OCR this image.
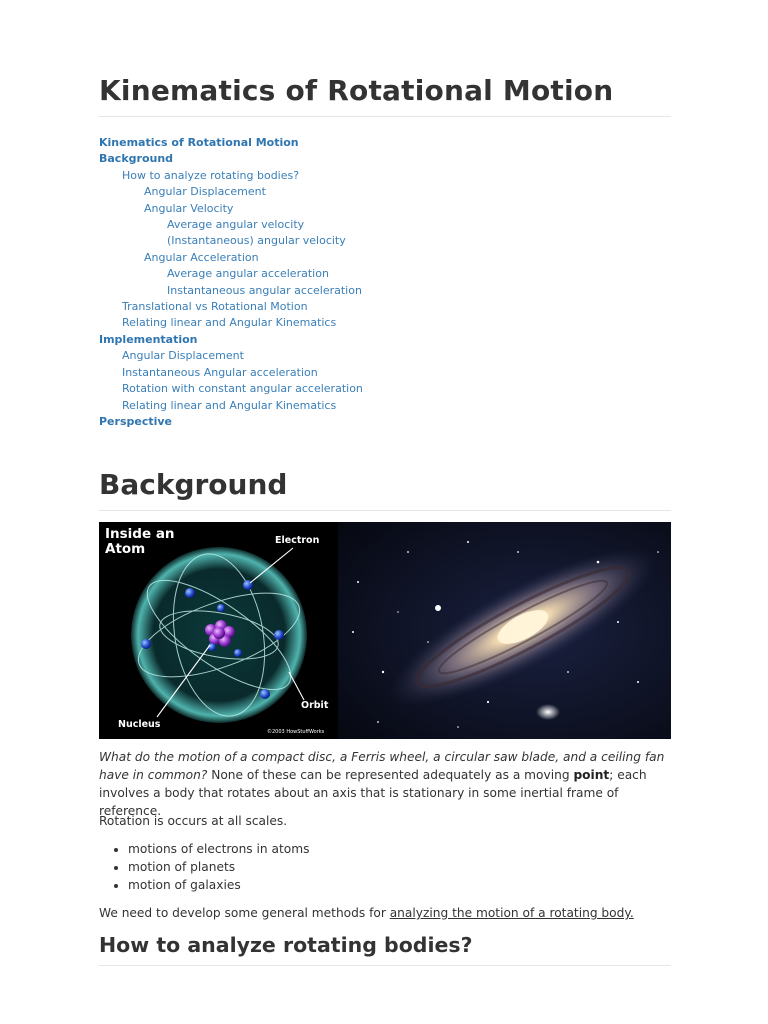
Kinematics of Rotational Motion
Kinematics of Rotational Motion
Background
How to analyze rotating bodies?
Angular Displacement
Angular Velocity
Average angular velocity
(Instantaneous) angular velocity
Angular Acceleration
Average angular acceleration
Instantaneous angular acceleration
Translational vs Rotational Motion
Relating linear and Angular Kinematics
Implementation
Angular Displacement
Instantaneous Angular acceleration
Rotation with constant angular acceleration
Relating linear and Angular Kinematics
Perspective
Background
Inside an
Atom
Electron
Nucleus
Orbit
©2003 HowStuffWorks

What do the motion of a compact disc, a Ferris wheel, a circular saw blade, and a ceiling fan have in common? None of these can be represented adequately as a moving point; each involves a body that rotates about an axis that is stationary in some inertial frame of reference.

Rotation is occurs at all scales.

• motions of electrons in atoms
• motion of planets
• motion of galaxies

We need to develop some general methods for analyzing the motion of a rotating body.

How to analyze rotating bodies?
